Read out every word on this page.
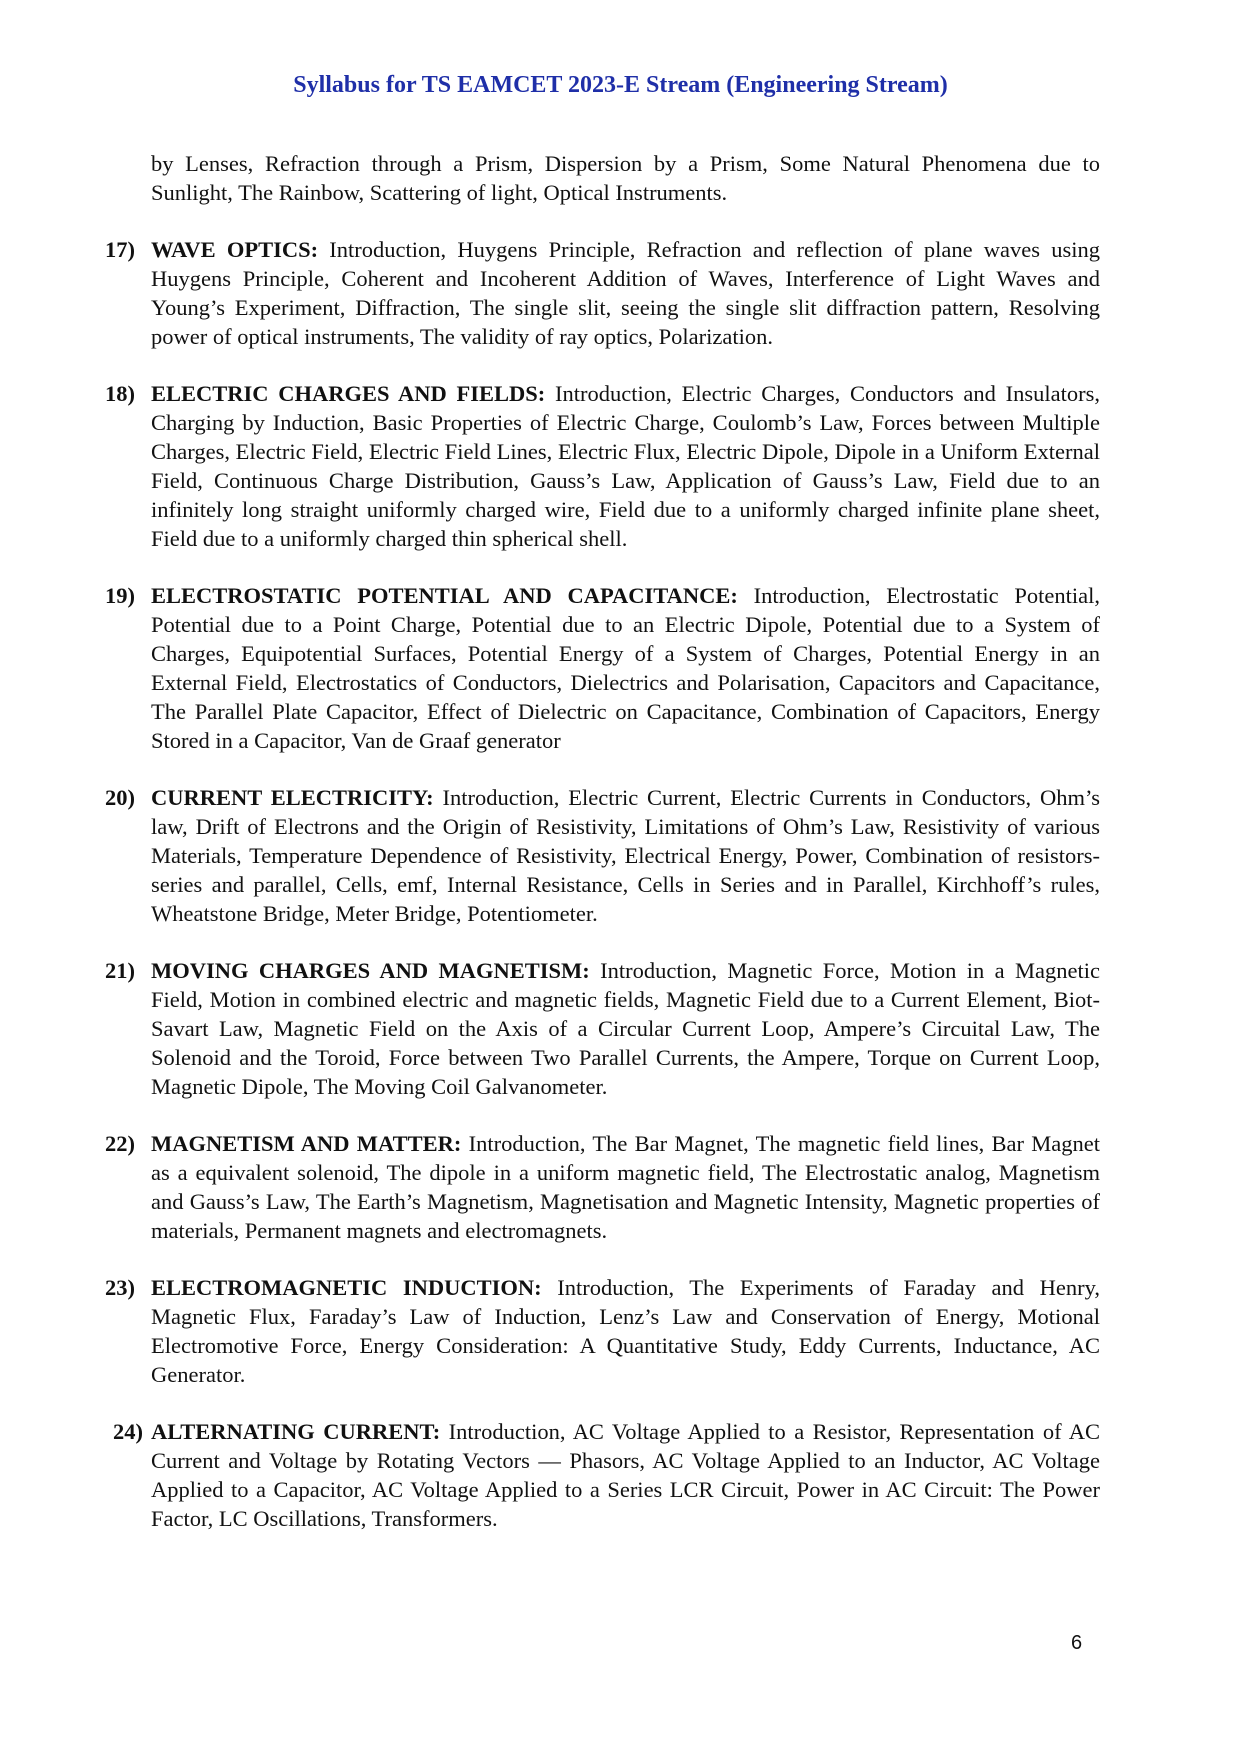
Syllabus for TS EAMCET 2023-E Stream (Engineering Stream)

by Lenses, Refraction through a Prism, Dispersion by a Prism, Some Natural Phenomena due to Sunlight, The Rainbow, Scattering of light, Optical Instruments.

17) WAVE OPTICS: Introduction, Huygens Principle, Refraction and reflection of plane waves using Huygens Principle, Coherent and Incoherent Addition of Waves, Interference of Light Waves and Young’s Experiment, Diffraction, The single slit, seeing the single slit diffraction pattern, Resolving power of optical instruments, The validity of ray optics, Polarization.
18) ELECTRIC CHARGES AND FIELDS: Introduction, Electric Charges, Conductors and Insulators, Charging by Induction, Basic Properties of Electric Charge, Coulomb’s Law, Forces between Multiple Charges, Electric Field, Electric Field Lines, Electric Flux, Electric Dipole, Dipole in a Uniform External Field, Continuous Charge Distribution, Gauss’s Law, Application of Gauss’s Law, Field due to an infinitely long straight uniformly charged wire, Field due to a uniformly charged infinite plane sheet, Field due to a uniformly charged thin spherical shell.
19) ELECTROSTATIC POTENTIAL AND CAPACITANCE: Introduction, Electrostatic Potential, Potential due to a Point Charge, Potential due to an Electric Dipole, Potential due to a System of Charges, Equipotential Surfaces, Potential Energy of a System of Charges, Potential Energy in an External Field, Electrostatics of Conductors, Dielectrics and Polarisation, Capacitors and Capacitance, The Parallel Plate Capacitor, Effect of Dielectric on Capacitance, Combination of Capacitors, Energy Stored in a Capacitor, Van de Graaf generator
20) CURRENT ELECTRICITY: Introduction, Electric Current, Electric Currents in Conductors, Ohm’s law, Drift of Electrons and the Origin of Resistivity, Limitations of Ohm’s Law, Resistivity of various Materials, Temperature Dependence of Resistivity, Electrical Energy, Power, Combination of resistors-series and parallel, Cells, emf, Internal Resistance, Cells in Series and in Parallel, Kirchhoff’s rules, Wheatstone Bridge, Meter Bridge, Potentiometer.
21) MOVING CHARGES AND MAGNETISM: Introduction, Magnetic Force, Motion in a Magnetic Field, Motion in combined electric and magnetic fields, Magnetic Field due to a Current Element, Biot-Savart Law, Magnetic Field on the Axis of a Circular Current Loop, Ampere’s Circuital Law, The Solenoid and the Toroid, Force between Two Parallel Currents, the Ampere, Torque on Current Loop, Magnetic Dipole, The Moving Coil Galvanometer.
22) MAGNETISM AND MATTER: Introduction, The Bar Magnet, The magnetic field lines, Bar Magnet as a equivalent solenoid, The dipole in a uniform magnetic field, The Electrostatic analog, Magnetism and Gauss’s Law, The Earth’s Magnetism, Magnetisation and Magnetic Intensity, Magnetic properties of materials, Permanent magnets and electromagnets.
23) ELECTROMAGNETIC INDUCTION: Introduction, The Experiments of Faraday and Henry, Magnetic Flux, Faraday’s Law of Induction, Lenz’s Law and Conservation of Energy, Motional Electromotive Force, Energy Consideration: A Quantitative Study, Eddy Currents, Inductance, AC Generator.
24) ALTERNATING CURRENT: Introduction, AC Voltage Applied to a Resistor, Representation of AC Current and Voltage by Rotating Vectors — Phasors, AC Voltage Applied to an Inductor, AC Voltage Applied to a Capacitor, AC Voltage Applied to a Series LCR Circuit, Power in AC Circuit: The Power Factor, LC Oscillations, Transformers.
6
